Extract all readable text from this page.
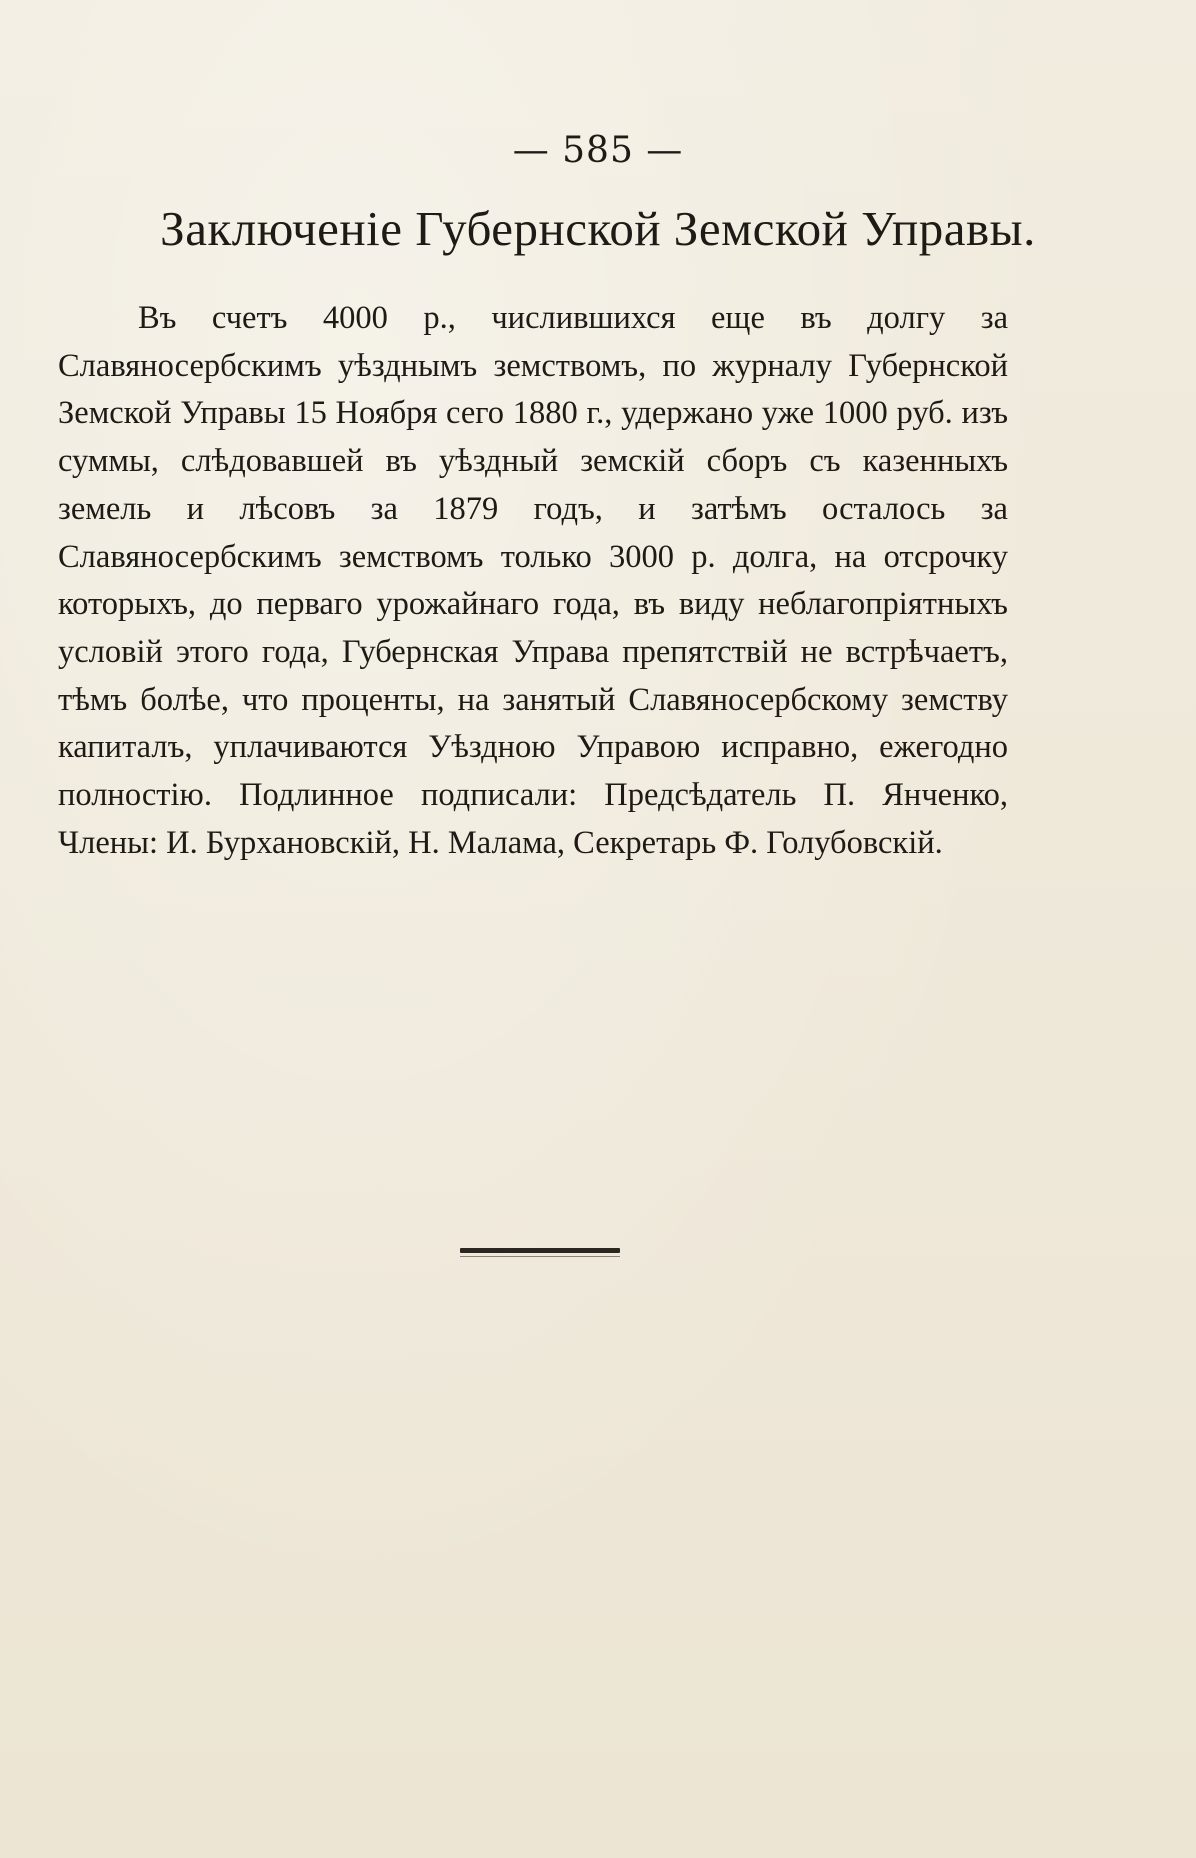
— 585 —
Заключеніе Губернской Земской Управы.
Въ счетъ 4000 р., числившихся еще въ долгу за Славяносербскимъ уѣзднымъ земствомъ, по журналу Губернской Земской Управы 15 Ноября сего 1880 г., удержано уже 1000 руб. изъ суммы, слѣдовавшей въ уѣздный земскій сборъ съ казенныхъ земель и лѣсовъ за 1879 годъ, и затѣмъ осталось за Славяносербскимъ земствомъ только 3000 р. долга, на отсрочку которыхъ, до перваго урожайнаго года, въ виду неблагопріятныхъ условій этого года, Губернская Управа препятствій не встрѣчаетъ, тѣмъ болѣе, что проценты, на занятый Славяносербскому земству капиталъ, уплачиваются Уѣздною Управою исправно, ежегодно полностію. Подлинное подписали: Предсѣдатель П. Янченко, Члены: И. Бурхановскій, Н. Малама, Секретарь Ф. Голубовскій.
